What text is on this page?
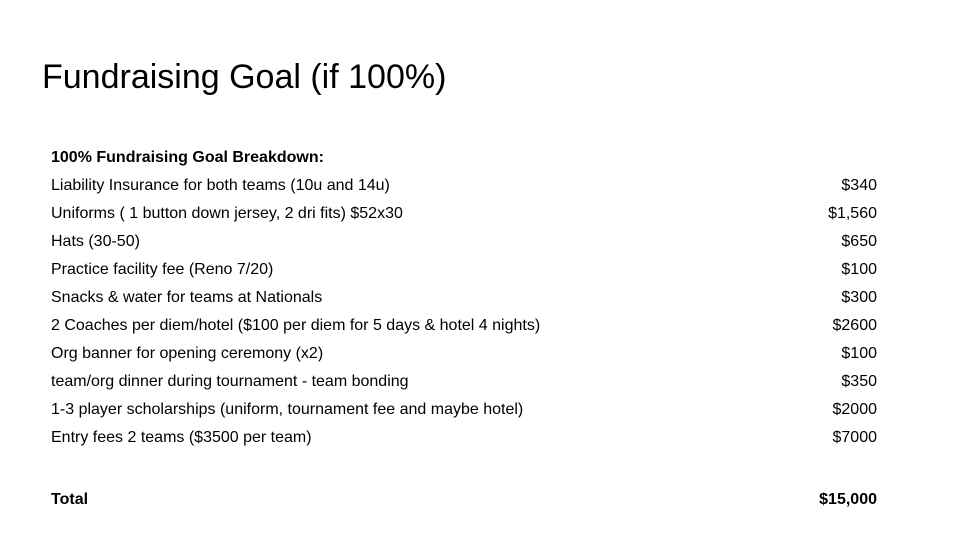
Fundraising Goal (if 100%)
100% Fundraising Goal Breakdown:
Liability Insurance for both teams (10u and 14u)	$340
Uniforms ( 1 button down jersey, 2 dri fits) $52x30	$1,560
Hats (30-50)	$650
Practice facility fee (Reno 7/20)	$100
Snacks & water for teams at Nationals	$300
2 Coaches per diem/hotel ($100 per diem for 5 days & hotel 4 nights)	$2600
Org banner for opening ceremony (x2)	$100
team/org dinner during tournament - team bonding	$350
1-3 player scholarships (uniform, tournament fee and maybe hotel)	$2000
Entry fees 2 teams ($3500 per team)	$7000
Total	$15,000
